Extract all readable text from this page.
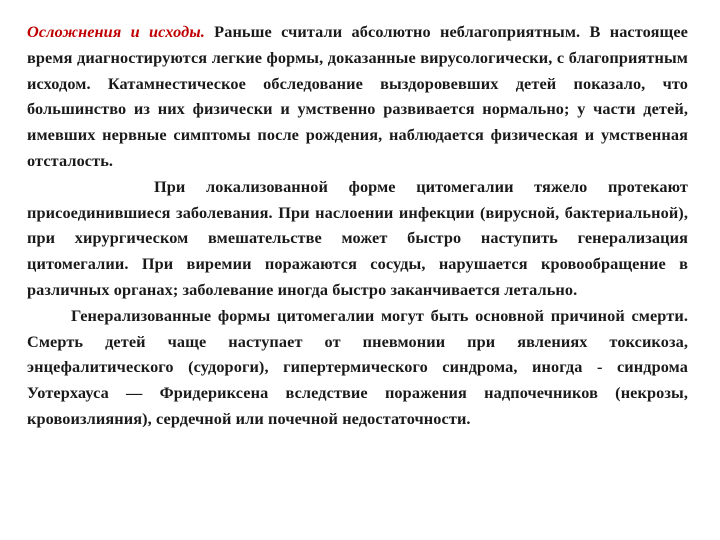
Осложнения и исходы. Раньше считали абсолютно неблагоприятным. В настоящее время диагностируются легкие формы, доказанные вирусологически, с благоприятным исходом. Катамнестическое обследование выздоровевших детей показало, что большинство из них физически и умственно развивается нормально; у части детей, имевших нервные симптомы после рождения, наблюдается физическая и умственная отсталость.

При локализованной форме цитомегалии тяжело протекают присоединившиеся заболевания. При наслоении инфекции (вирусной, бактериальной), при хирургическом вмешательстве может быстро наступить генерализация цитомегалии. При виремии поражаются сосуды, нарушается кровообращение в различных органах; заболевание иногда быстро заканчивается летально.

Генерализованные формы цитомегалии могут быть основной причиной смерти. Смерть детей чаще наступает от пневмонии при явлениях токсикоза, энцефалитического (судороги), гипертермического синдрома, иногда - синдрома Уотерхауса — Фридериксена вследствие поражения надпочечников (некрозы, кровоизлияния), сердечной или почечной недостаточности.
